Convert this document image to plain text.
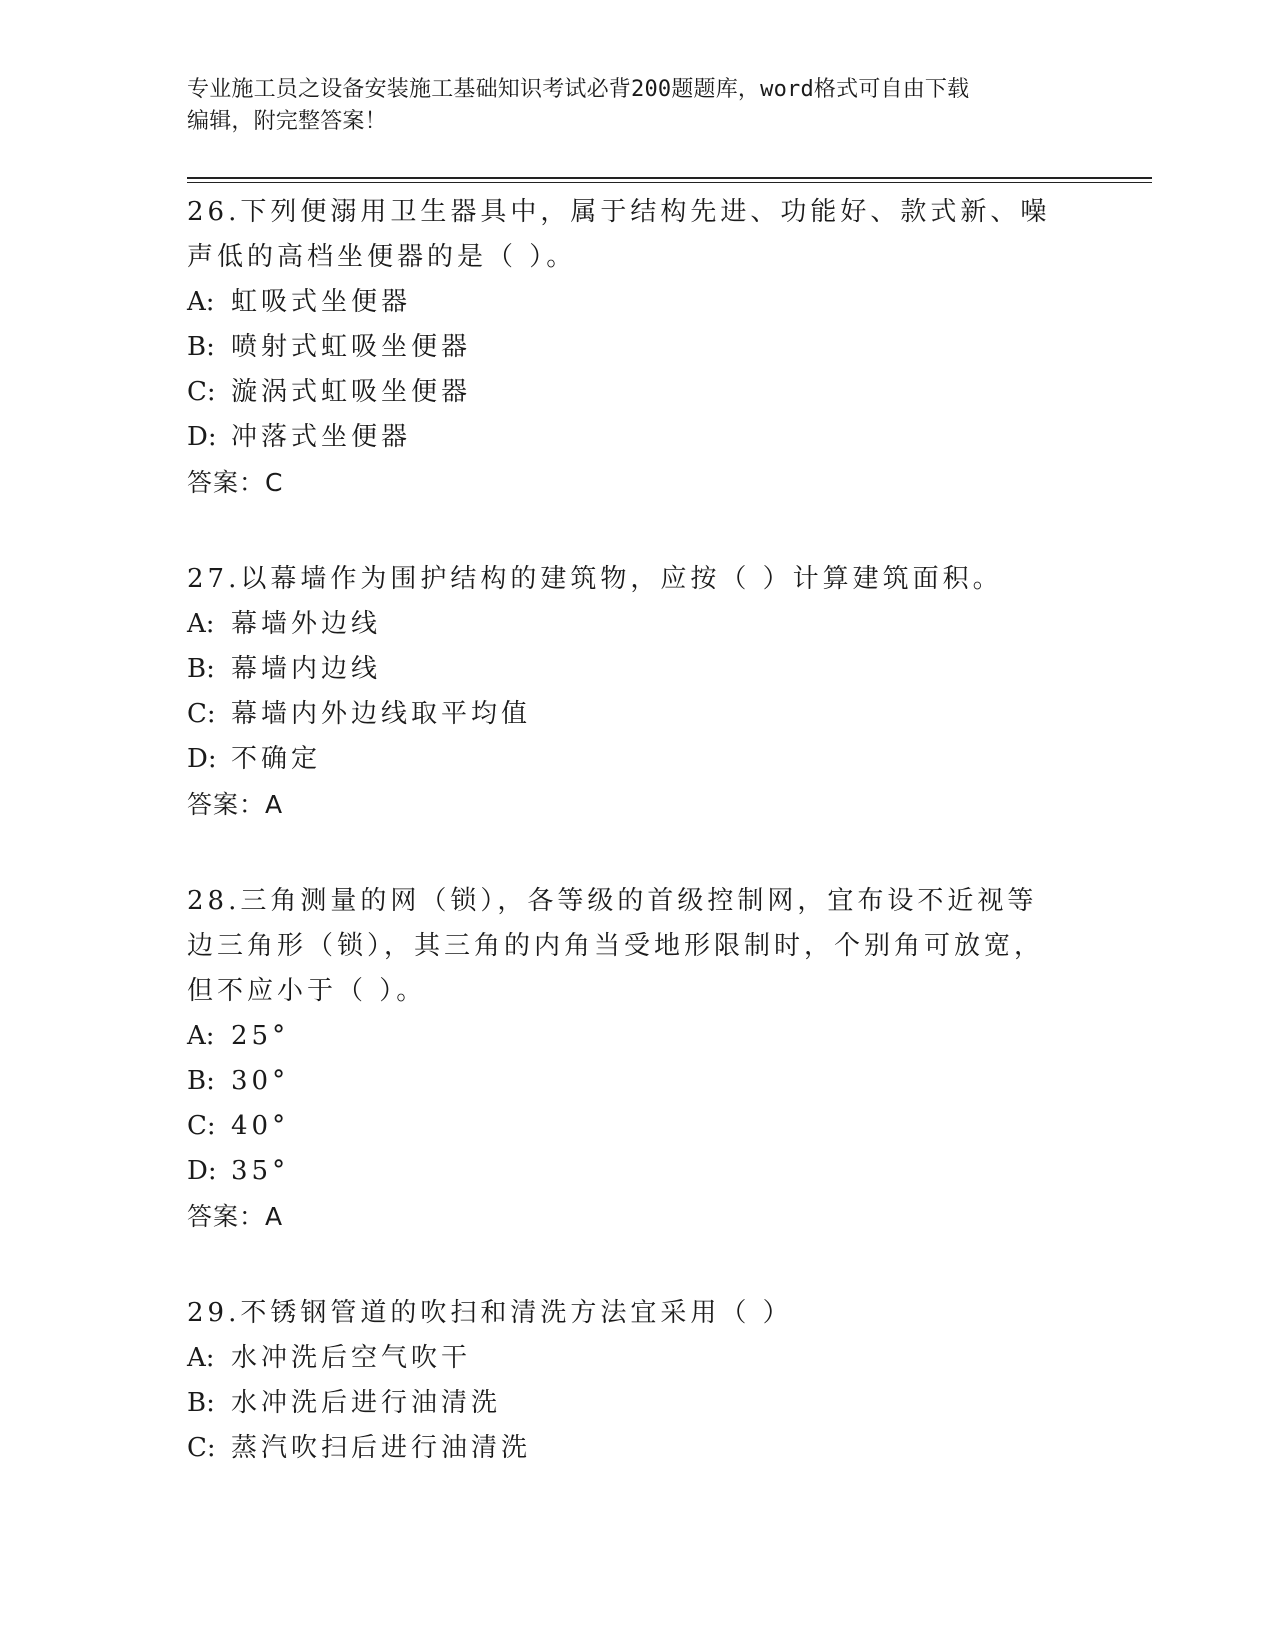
专业施工员之设备安装施工基础知识考试必背200题题库，word格式可自由下载
编辑，附完整答案！
26.下列便溺用卫生器具中，属于结构先进、功能好、款式新、噪声低的高档坐便器的是（ ）。
A: 虹吸式坐便器
B: 喷射式虹吸坐便器
C: 漩涡式虹吸坐便器
D: 冲落式坐便器
答案：C
27.以幕墙作为围护结构的建筑物，应按（ ）计算建筑面积。
A: 幕墙外边线
B: 幕墙内边线
C: 幕墙内外边线取平均值
D: 不确定
答案：A
28.三角测量的网（锁），各等级的首级控制网，宜布设不近视等边三角形（锁），其三角的内角当受地形限制时，个别角可放宽，但不应小于（ ）。
A: 25°
B: 30°
C: 40°
D: 35°
答案：A
29.不锈钢管道的吹扫和清洗方法宜采用（ ）
A: 水冲洗后空气吹干
B: 水冲洗后进行油清洗
C: 蒸汽吹扫后进行油清洗
